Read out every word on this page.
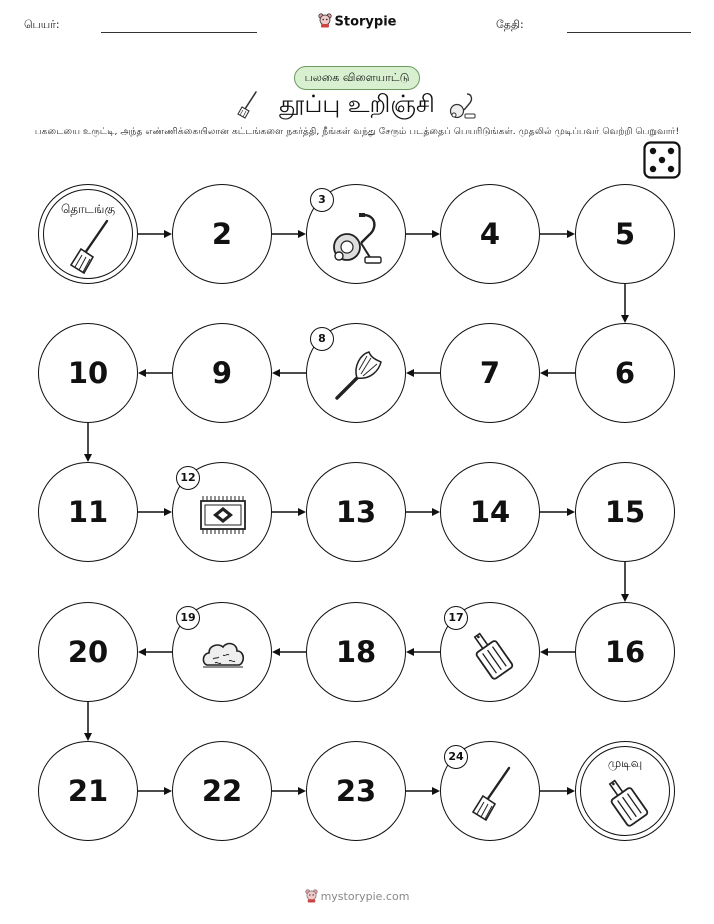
பெயர்:	Storypie	தேதி:
பலகை விளையாட்டு
தூப்பு உறிஞ்சி
பகடையை உருட்டி, அந்த எண்ணிக்கையிலான கட்டங்களை நகர்த்தி, நீங்கள் வந்து சேரும் படத்தைப் பெயரிடுங்கள். முதலில் முடிப்பவர் வெற்றி பெறுவார்!
தொடங்கு
2
3
4	5
6
7
8
9
10
11
12
13	14	15
16
17
18
19
20
21	22	23
24	முடிவு
mystorypie.com
